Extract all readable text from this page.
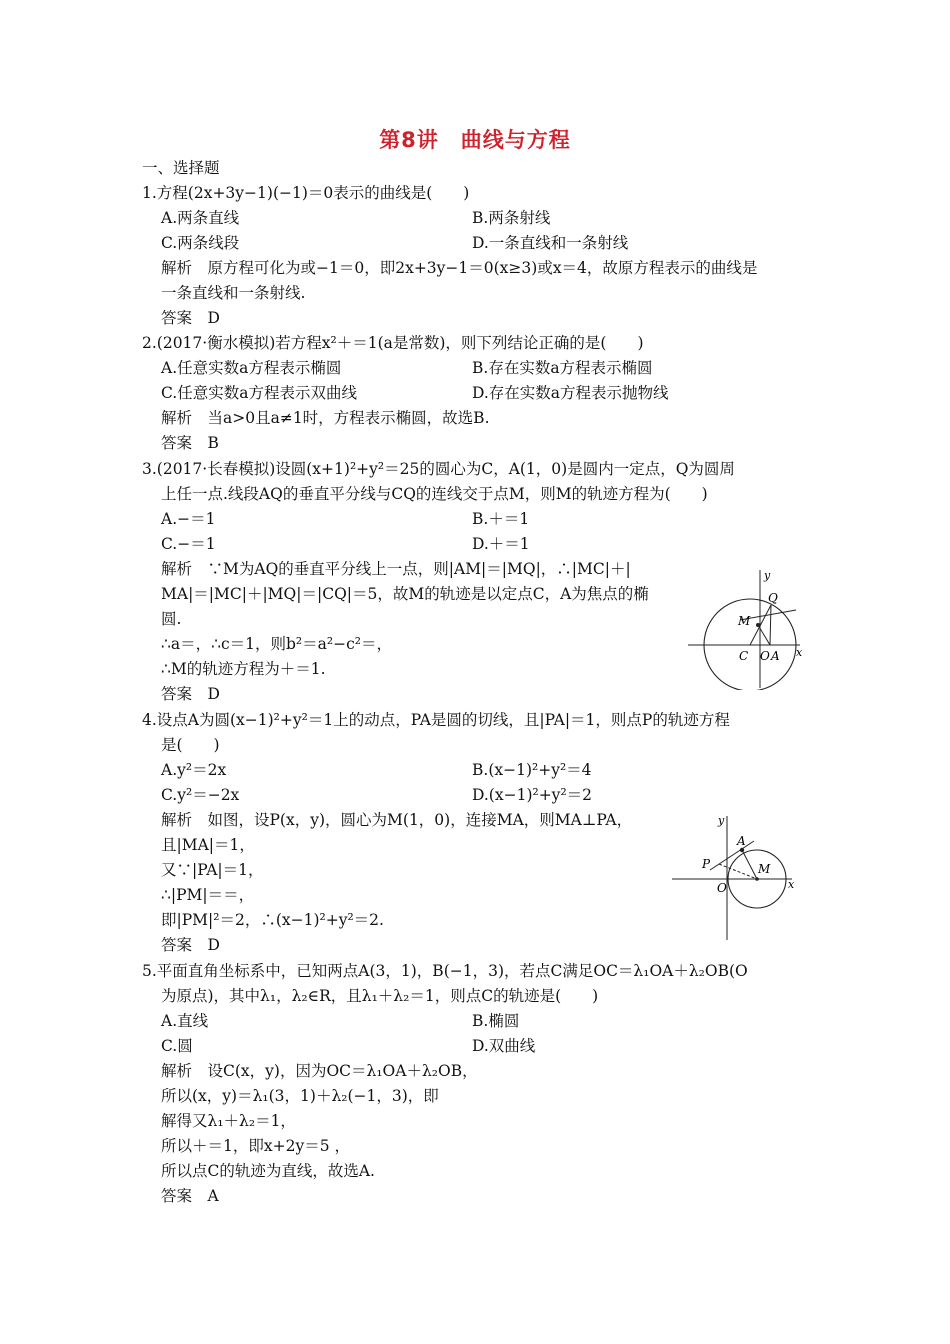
第8讲　曲线与方程
一、选择题
1.方程(2x+3y−1)(−1)＝0表示的曲线是(　　)
A.两条直线	B.两条射线
C.两条线段	D.一条直线和一条射线
解析　原方程可化为或−1＝0，即2x+3y−1＝0(x≥3)或x＝4，故原方程表示的曲线是
一条直线和一条射线.
答案　D
2.(2017·衡水模拟)若方程x²＋＝1(a是常数)，则下列结论正确的是(　　)
A.任意实数a方程表示椭圆	B.存在实数a方程表示椭圆
C.任意实数a方程表示双曲线	D.存在实数a方程表示抛物线
解析　当a>0且a≠1时，方程表示椭圆，故选B.
答案　B
3.(2017·长春模拟)设圆(x+1)²+y²＝25的圆心为C，A(1，0)是圆内一定点，Q为圆周
上任一点.线段AQ的垂直平分线与CQ的连线交于点M，则M的轨迹方程为(　　)
A.−＝1	B.＋＝1
C.−＝1	D.＋＝1
解析　∵M为AQ的垂直平分线上一点，则|AM|＝|MQ|，∴|MC|＋|
MA|＝|MC|＋|MQ|＝|CQ|＝5，故M的轨迹是以定点C，A为焦点的椭
圆.
∴a＝，∴c＝1，则b²＝a²−c²＝，
∴M的轨迹方程为＋＝1.
答案　D
y
x
Q
M
C O A
4.设点A为圆(x−1)²+y²＝1上的动点，PA是圆的切线，且|PA|＝1，则点P的轨迹方程
是(　　)
A.y²＝2x	B.(x−1)²+y²＝4
C.y²＝−2x	D.(x−1)²+y²＝2
解析　如图，设P(x，y)，圆心为M(1，0)，连接MA，则MA⊥PA，
且|MA|＝1，
又∵|PA|＝1，
∴|PM|＝＝，
即|PM|²＝2，∴(x−1)²+y²＝2.
答案　D
y
x
A
P	M
O
5.平面直角坐标系中，已知两点A(3，1)，B(−1，3)，若点C满足OC＝λ₁OA＋λ₂OB(O
为原点)，其中λ₁，λ₂∈R，且λ₁＋λ₂＝1，则点C的轨迹是(　　)
A.直线	B.椭圆
C.圆	D.双曲线
解析　设C(x，y)，因为OC＝λ₁OA＋λ₂OB，
所以(x，y)＝λ₁(3，1)＋λ₂(−1，3)，即
解得又λ₁＋λ₂＝1，
所以＋＝1，即x+2y＝5 ，
所以点C的轨迹为直线，故选A.
答案　A
